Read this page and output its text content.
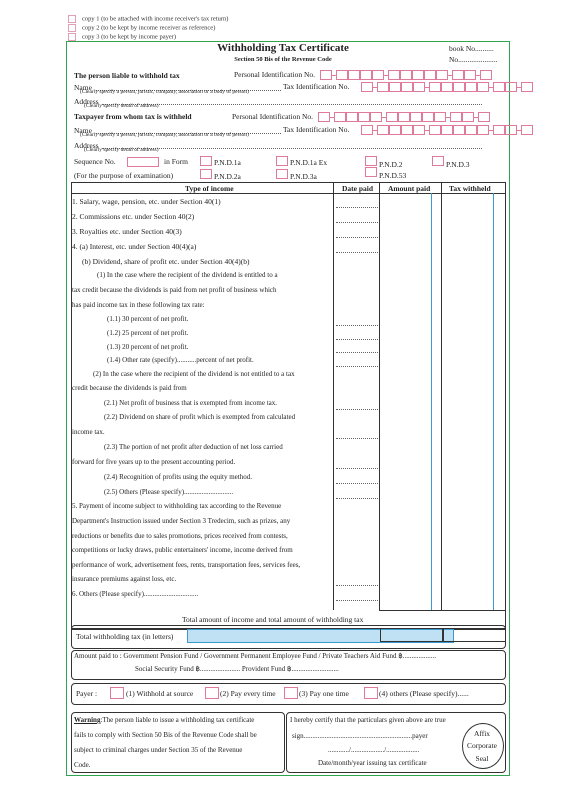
copy 1 (to be attached with income receiver's tax return)
copy 2 (to be kept by income receiver as reference)
copy 3 (to be kept by income payer)
Withholding Tax Certificate
Section 50 Bis of the Revenue Code
book No..........
No.....................
The person liable to withhold tax	Personal Identification No.
Name
(Clearly specify a person, juristic, company, association or a body of person)
Tax Identification No.
Address
(Clearly specify detail of address)
Taxpayer from whom tax is withheld	Personal Identification No.
Name
(Clearly specify a person, juristic, company, association or a body of person)
Tax Identification No.
Address
(Clearly specify detail of address)
Sequence No.	in Form
(For the purpose of examination)
P.N.D.1a	P.N.D.1a Ex	P.N.D.2	P.N.D.3
P.N.D.2a	P.N.D.3a	P.N.D.53
Type of income	Date paid Amount paid Tax withheld
1. Salary, wage, pension, etc. under Section 40(1)
2. Commissions etc. under Section 40(2)
3. Royalties etc. under Section 40(3)
4. (a) Interest, etc. under Section 40(4)(a)
(b) Dividend, share of profit etc. under Section 40(4)(b)
(1) In the case where the recipient of the dividend is entitled to a
tax credit because the dividends is paid from net profit of business which
has paid income tax in these following tax rate:
(1.1) 30 percent of net profit.
(1.2) 25 percent of net profit.
(1.3) 20 percent of net profit.
(1.4) Other rate (specify)...........percent of net profit.
(2) In the case where the recipient of the dividend is not entitled to a tax
credit because the dividends is paid from
(2.1) Net profit of business that is exempted from income tax.
(2.2) Dividend on share of profit which is exempted from calculated
income tax.
(2.3) The portion of net profit after deduction of net loss carried
forward for five years up to the present accounting period.
(2.4) Recognition of profits using the equity method.
(2.5) Others (Please specify)............................
5. Payment of income subject to withholding tax according to the Revenue
Department's Instruction issued under Section 3 Tredecim, such as prizes, any
reductions or benefits due to sales promotions, prices received from contests,
competitions or lucky draws, public entertainers' income, income derived from
performance of work, advertisement fees, rents, transportation fees, services fees,
insurance premiums against loss, etc.
6. Others (Please specify)...............................
Total amount of income and total amount of withholding tax
Total withholding tax (in letters)
Amount paid to : Government Pension Fund / Government Permanent Employee Fund / Private Teachers Aid Fund ฿...................
Social Security Fund ฿....................... Provident Fund ฿...........................
Payer :	(1) Withhold at source	(2) Pay every time	(3) Pay one time	(4) others (Please specify)......
Warning:The person liable to issue a withholding tax certificate
fails to comply with Section 50 Bis of the Revenue Code shall be
subject to criminal charges under Section 35 of the Revenue
Code.
I hereby certify that the particulars given above are true
sign..............................................................payer
............/.................../...................
Date/month/year issuing tax certificate
Affix
Corporate
Seal
